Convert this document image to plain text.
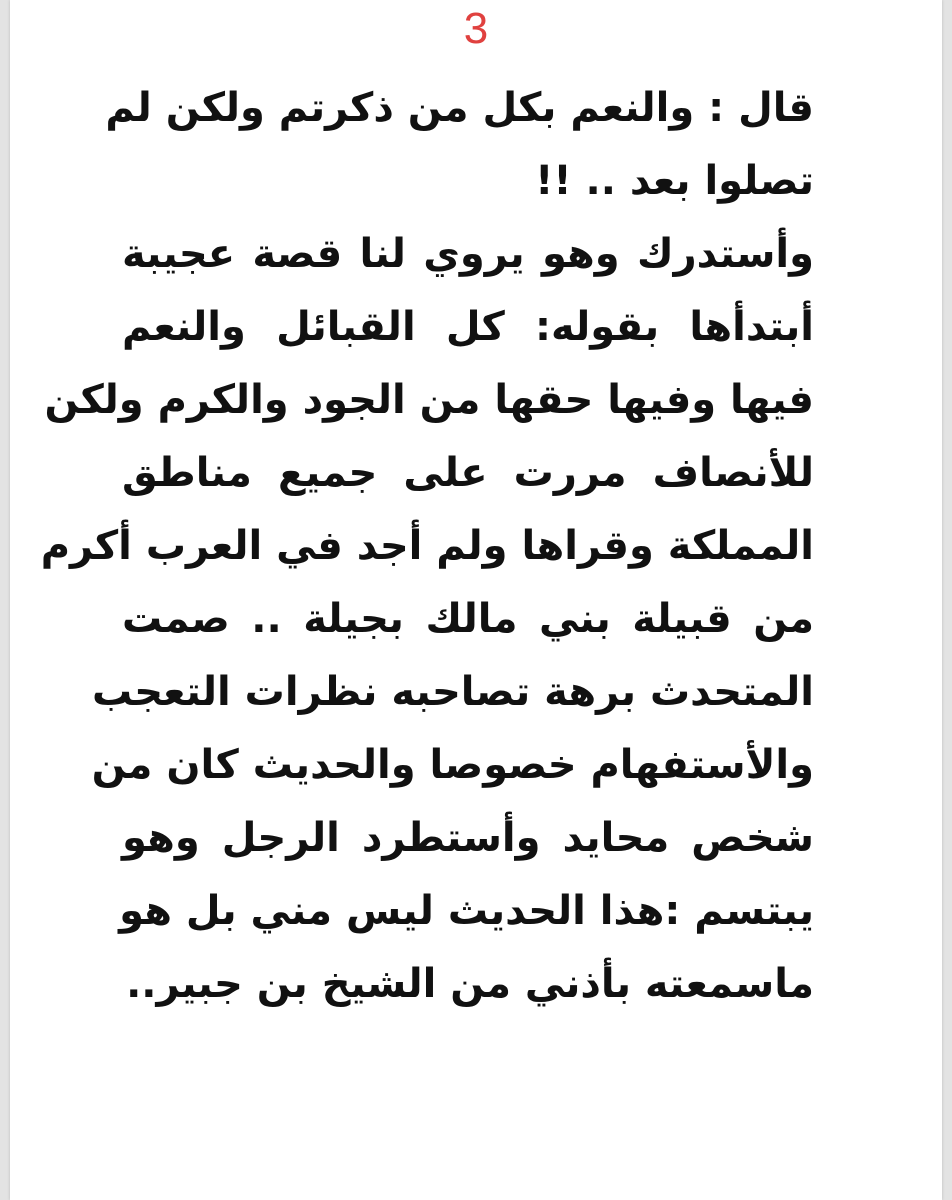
3
قال : والنعم بكل من ذكرتم ولكن لم
تصلوا بعد .. !!
وأستدرك وهو يروي لنا قصة عجيبة
أبتدأها بقوله: كل القبائل والنعم
فيها وفيها حقها من الجود والكرم ولكن
للأنصاف مررت على جميع مناطق
المملكة وقراها ولم أجد في العرب أكرم
من قبيلة بني مالك بجيلة .. صمت
المتحدث برهة تصاحبه نظرات التعجب
والأستفهام خصوصا والحديث كان من
شخص محايد وأستطرد الرجل وهو
يبتسم :هذا الحديث ليس مني بل هو
ماسمعته بأذني من الشيخ بن جبير..
